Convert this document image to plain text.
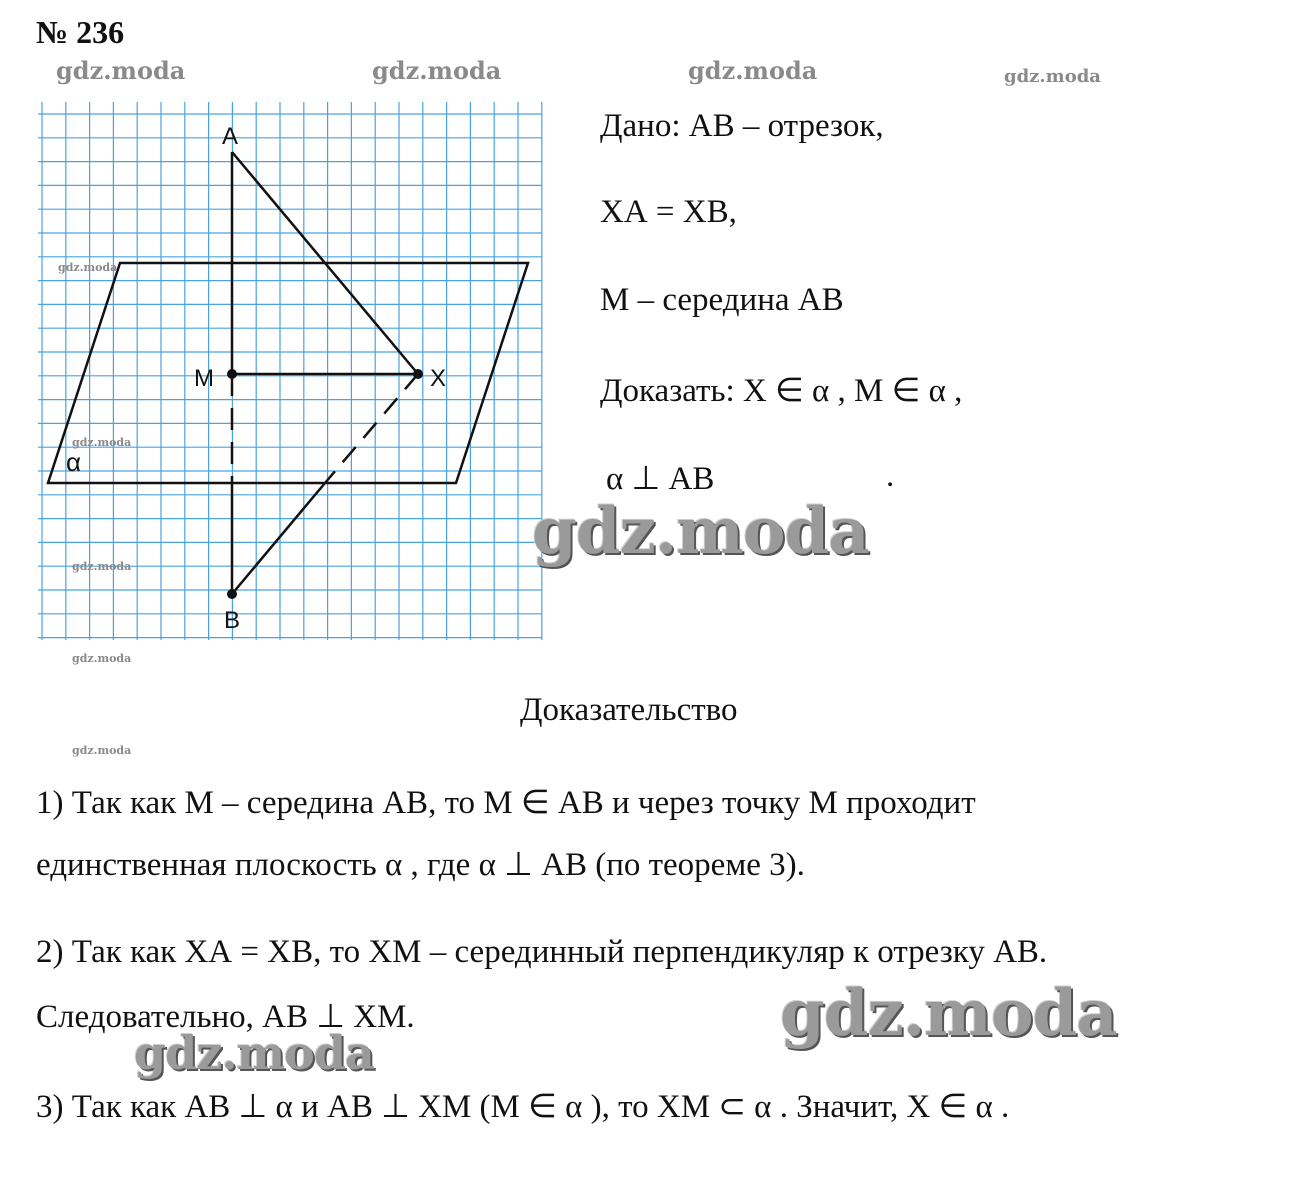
№ 236
gdz.moda	gdz.moda	gdz.moda	gdz.moda
A
B
M	X
α
gdz.moda
gdz.moda
gdz.moda
gdz.moda
gdz.moda
Дано: АВ – отрезок,
ХА = ХВ,
М – середина АВ
Доказать: Х ∈ α , М ∈ α ,
α ⊥ АВ	.
gdz.moda
Доказательство
1) Так как М – середина АВ, то М ∈ АВ и через точку М проходит
единственная плоскость α , где α ⊥ АВ (по теореме 3).
2) Так как ХА = ХВ, то ХМ – серединный перпендикуляр к отрезку АВ.
Следовательно, АВ ⊥ ХМ.	gdz.moda
gdz.moda
3) Так как АВ ⊥ α и АВ ⊥ ХМ (М ∈ α ), то ХМ ⊂ α . Значит, Х ∈ α .
